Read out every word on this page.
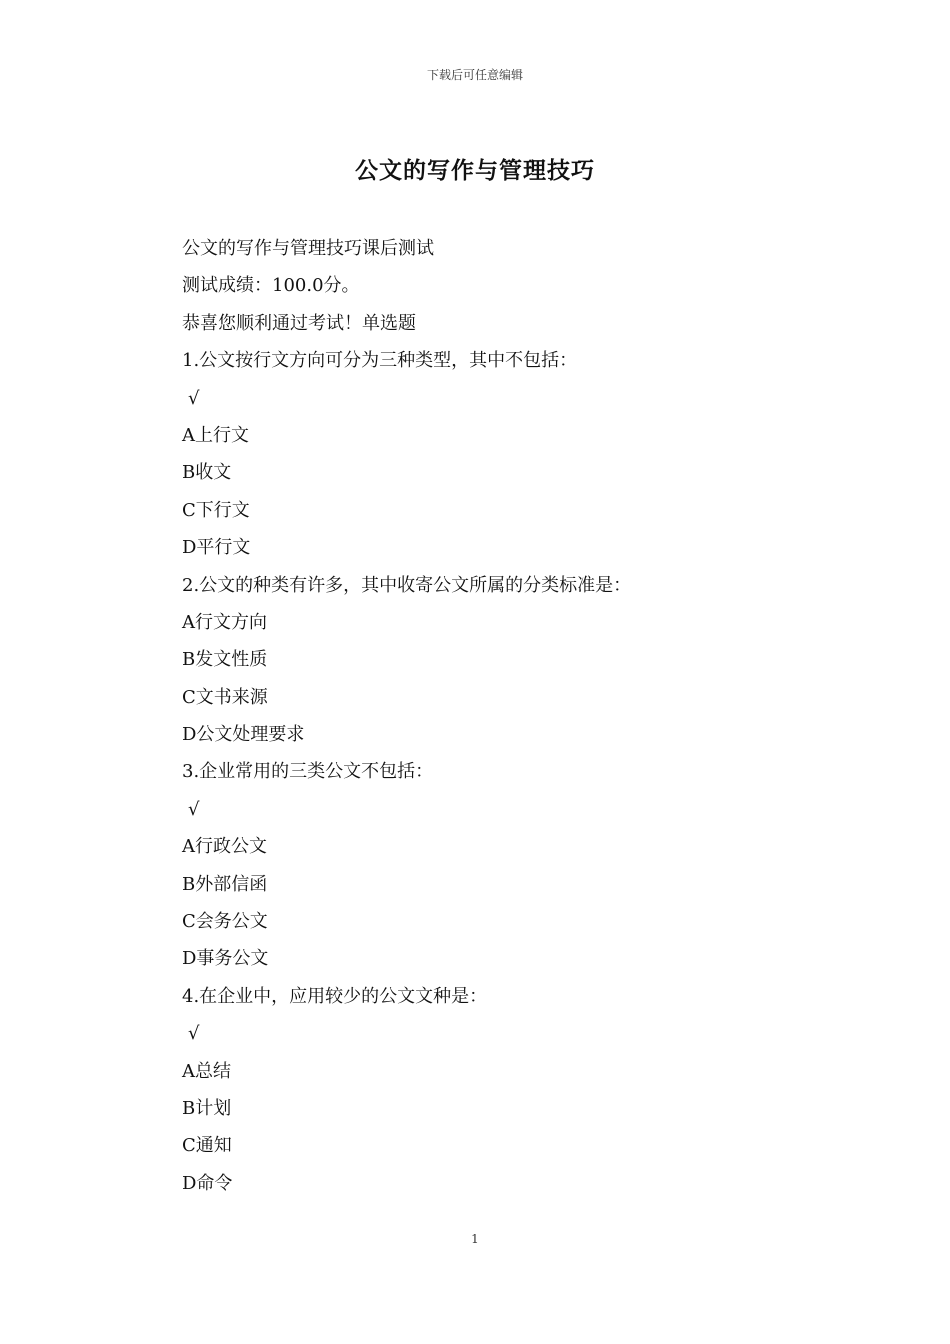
下载后可任意编辑
公文的写作与管理技巧
公文的写作与管理技巧课后测试
测试成绩：100.0分。
恭喜您顺利通过考试！单选题
1.公文按行文方向可分为三种类型，其中不包括：
√
A上行文
B收文
C下行文
D平行文
2.公文的种类有许多，其中收寄公文所属的分类标准是：
A行文方向
B发文性质
C文书来源
D公文处理要求
3.企业常用的三类公文不包括：
√
A行政公文
B外部信函
C会务公文
D事务公文
4.在企业中，应用较少的公文文种是：
√
A总结
B计划
C通知
D命令
1
